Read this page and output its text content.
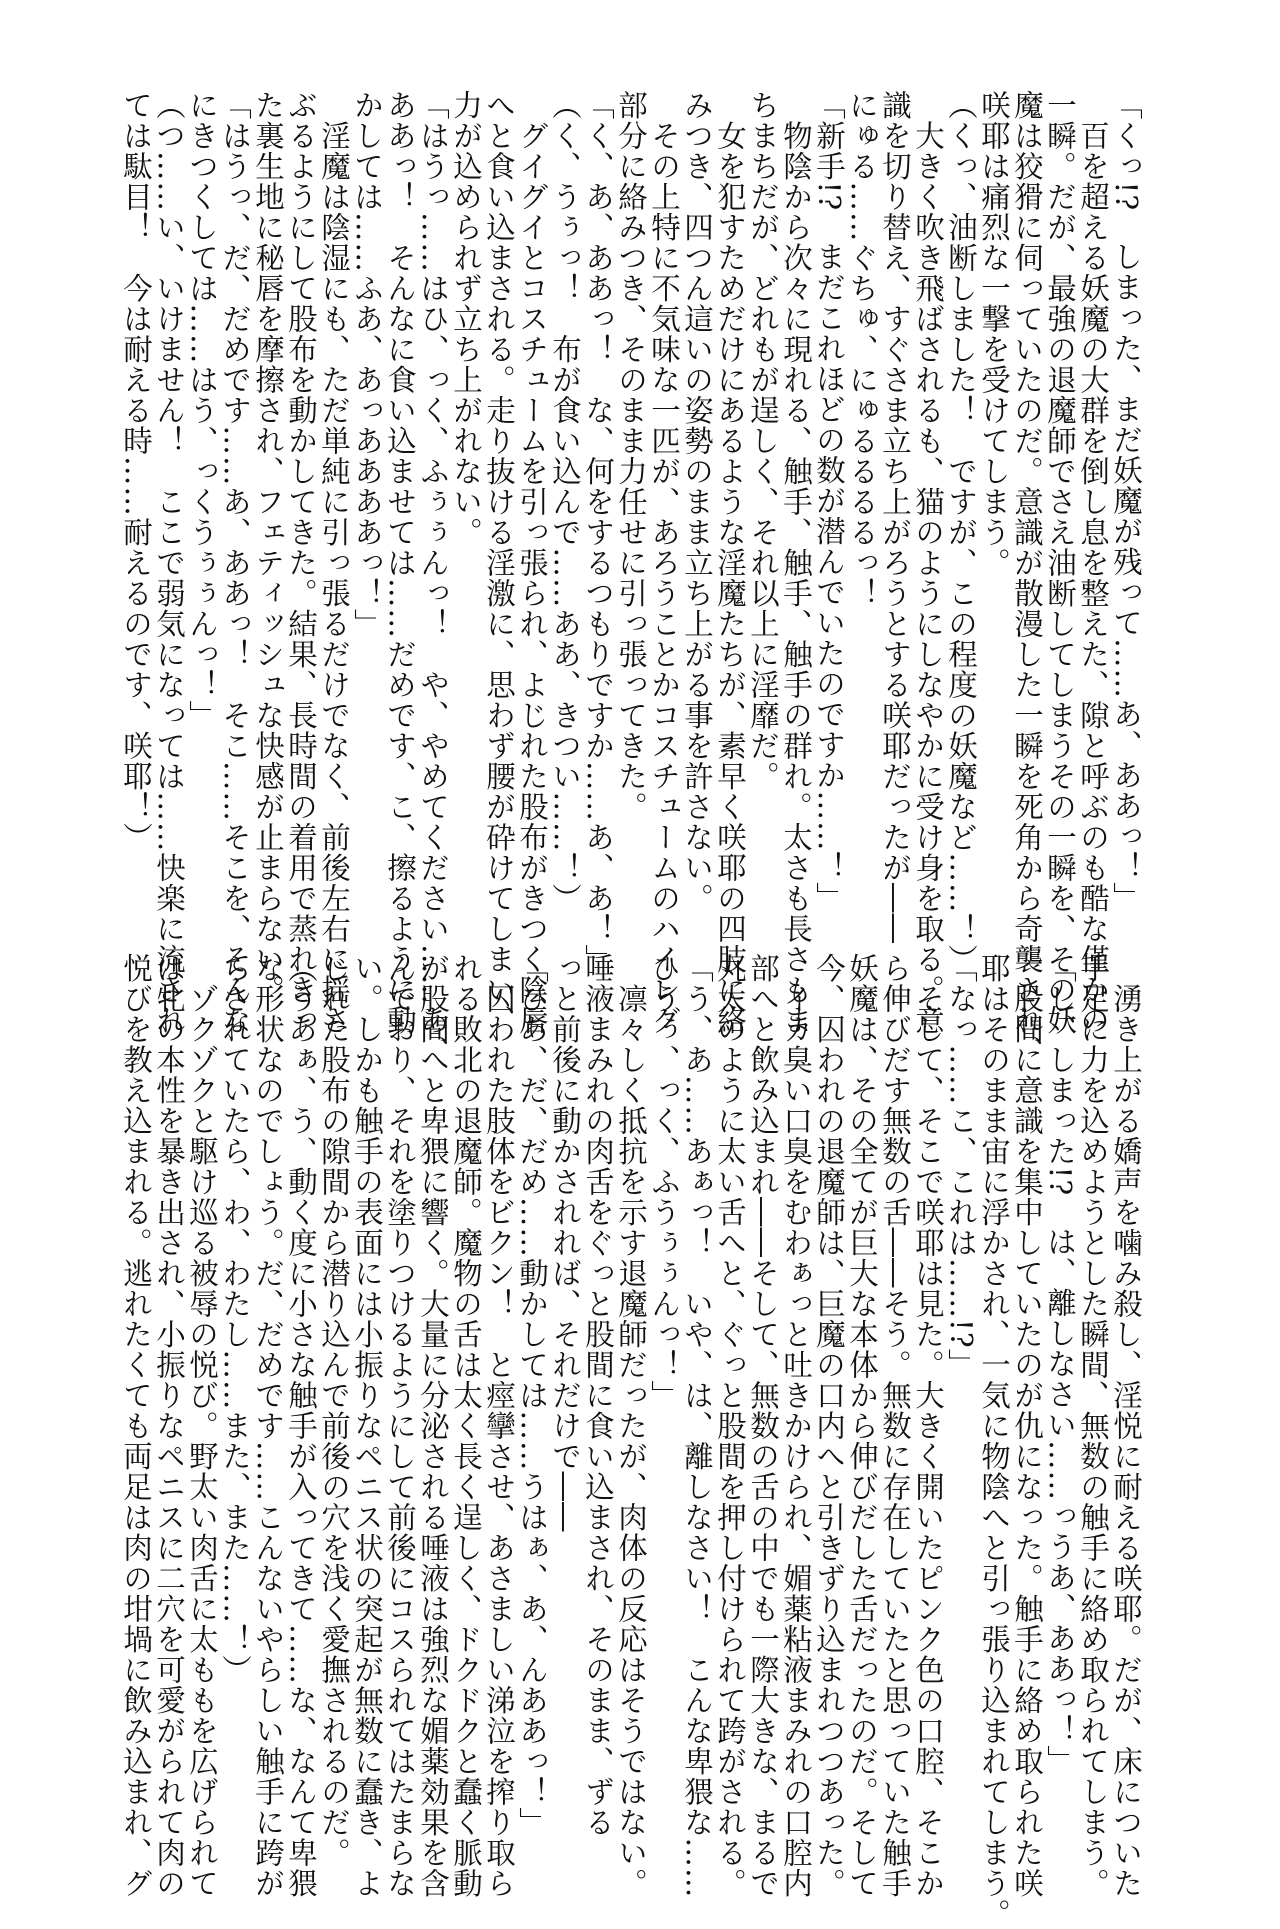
「くっ!?　しまった、まだ妖魔が残って……あ、ああっ！」
　百を超える妖魔の大群を倒し息を整えた、隙と呼ぶのも酷な僅かの
一瞬。だが、最強の退魔師でさえ油断してしまうその一瞬を、その妖
魔は狡猾に伺っていたのだ。意識が散漫した一瞬を死角から奇襲され、
咲耶は痛烈な一撃を受けてしまう。
（くっ、油断しました！　ですが、この程度の妖魔など……！）
　大きく吹き飛ばされるも、猫のようにしなやかに受け身を取る。意
識を切り替え、すぐさま立ち上がろうとする咲耶だったが――
にゅる……ぐちゅ、にゅるるるるっ！
「新手!?　まだこれほどの数が潜んでいたのですか……！」
　物陰から次々に現れる、触手、触手、触手の群れ。太さも長さもま
ちまちだが、どれもが逞しく、それ以上に淫靡だ。
　女を犯すためだけにあるような淫魔たちが、素早く咲耶の四肢に絡
みつき、四つん這いの姿勢のまま立ち上がる事を許さない。
　その上特に不気味な一匹が、あろうことかコスチュームのハイレグ
部分に絡みつき、そのまま力任せに引っ張ってきた。
「く、あ、ああっ！　な、何をするつもりですか……あ、あ！」
（く、うぅっ！　布が食い込んで……ああ、きつい……！）
　グイグイとコスチュームを引っ張られ、よじれた股布がきつく陰唇
へと食い込まされる。走り抜ける淫激に、思わず腰が砕けてしまい、
力が込められず立ち上がれない。
「はうっ……はひ、っく、ふぅぅんっ！　や、やめてください……あ、
ああっ！　そんなに食い込ませては……だめです、こ、擦るように動
かしては……ふあ、あっああああっ！」
　淫魔は陰湿にも、ただ単純に引っ張るだけでなく、前後左右に揺さ
ぶるようにして股布を動かしてきた。結果、長時間の着用で蒸れきっ
た裏生地に秘唇を摩擦され、フェティッシュな快感が止まらない。
「はうっ、だ、だめです……あ、ああっ！　そこ……そこを、そんな
にきつくしては……はう、っくうぅぅんっ！」
（つ……い、いけません！　ここで弱気になっては……快楽に流され
ては駄目！　今は耐える時……耐えるのです、咲耶！）
　湧き上がる嬌声を噛み殺し、淫悦に耐える咲耶。だが、床についた
手足に力を込めようとした瞬間、無数の触手に絡め取られてしまう。
「し、しまった!?　は、離しなさい……っうあ、ああっ！」
　股間に意識を集中していたのが仇になった。触手に絡め取られた咲
耶はそのまま宙に浮かされ、一気に物陰へと引っ張り込まれてしまう。
「なっ……こ、これは……!?」
　そして、そこで咲耶は見た。大きく開いたピンク色の口腔、そこか
ら伸びだす無数の舌――そう。無数に存在していたと思っていた触手
妖魔は、その全てが巨大な本体から伸びだした舌だったのだ。そして
今、囚われの退魔師は、巨魔の口内へと引きずり込まれつつあった。
　イカ臭い口臭をむわぁっと吐きかけられ、媚薬粘液まみれの口腔内
部へと飲み込まれ――そして、無数の舌の中でも一際大きな、まるで
丸太のように太い舌へと、ぐっと股間を押し付けられて跨がされる。
「う、あ……あぁっ！　いや、は、離しなさい！　こんな卑猥な……
ひうぅ、っく、ふうぅぅんっ！」
　凛々しく抵抗を示す退魔師だったが、肉体の反応はそうではない。
唾液まみれの肉舌をぐっと股間に食い込まされ、そのまま、ずる
っと前後に動かされれば、それだけで――
「ひあ、だ、だめ……動かしては……うはぁ、あ、んああっ！」
　囚われた肢体をビクン！　と痙攣させ、あさましい涕泣を搾り取ら
れる敗北の退魔師。魔物の舌は太く長く逞しく、ドクドクと蠢く脈動
が股間へと卑猥に響く。大量に分泌される唾液は強烈な媚薬効果を含
んでおり、それを塗りつけるようにして前後にコスられてはたまらな
い。しかも触手の表面には小振りなペニス状の突起が無数に蠢き、よ
じれた股布の隙間から潜り込んで前後の穴を浅く愛撫されるのだ。
（うあぁ、う、動く度に小さな触手が入ってきて……な、なんて卑猥
な形状なのでしょう。だ、だめです……こんないやらしい触手に跨が
らされていたら、わ、わたし……また、また……！）
　ゾクゾクと駆け巡る被辱の悦び。野太い肉舌に太ももを広げられて
は牝の本性を暴き出され、小振りなペニスに二穴を可愛がられて肉の
悦びを教え込まれる。逃れたくても両足は肉の坩堝に飲み込まれ、グ
